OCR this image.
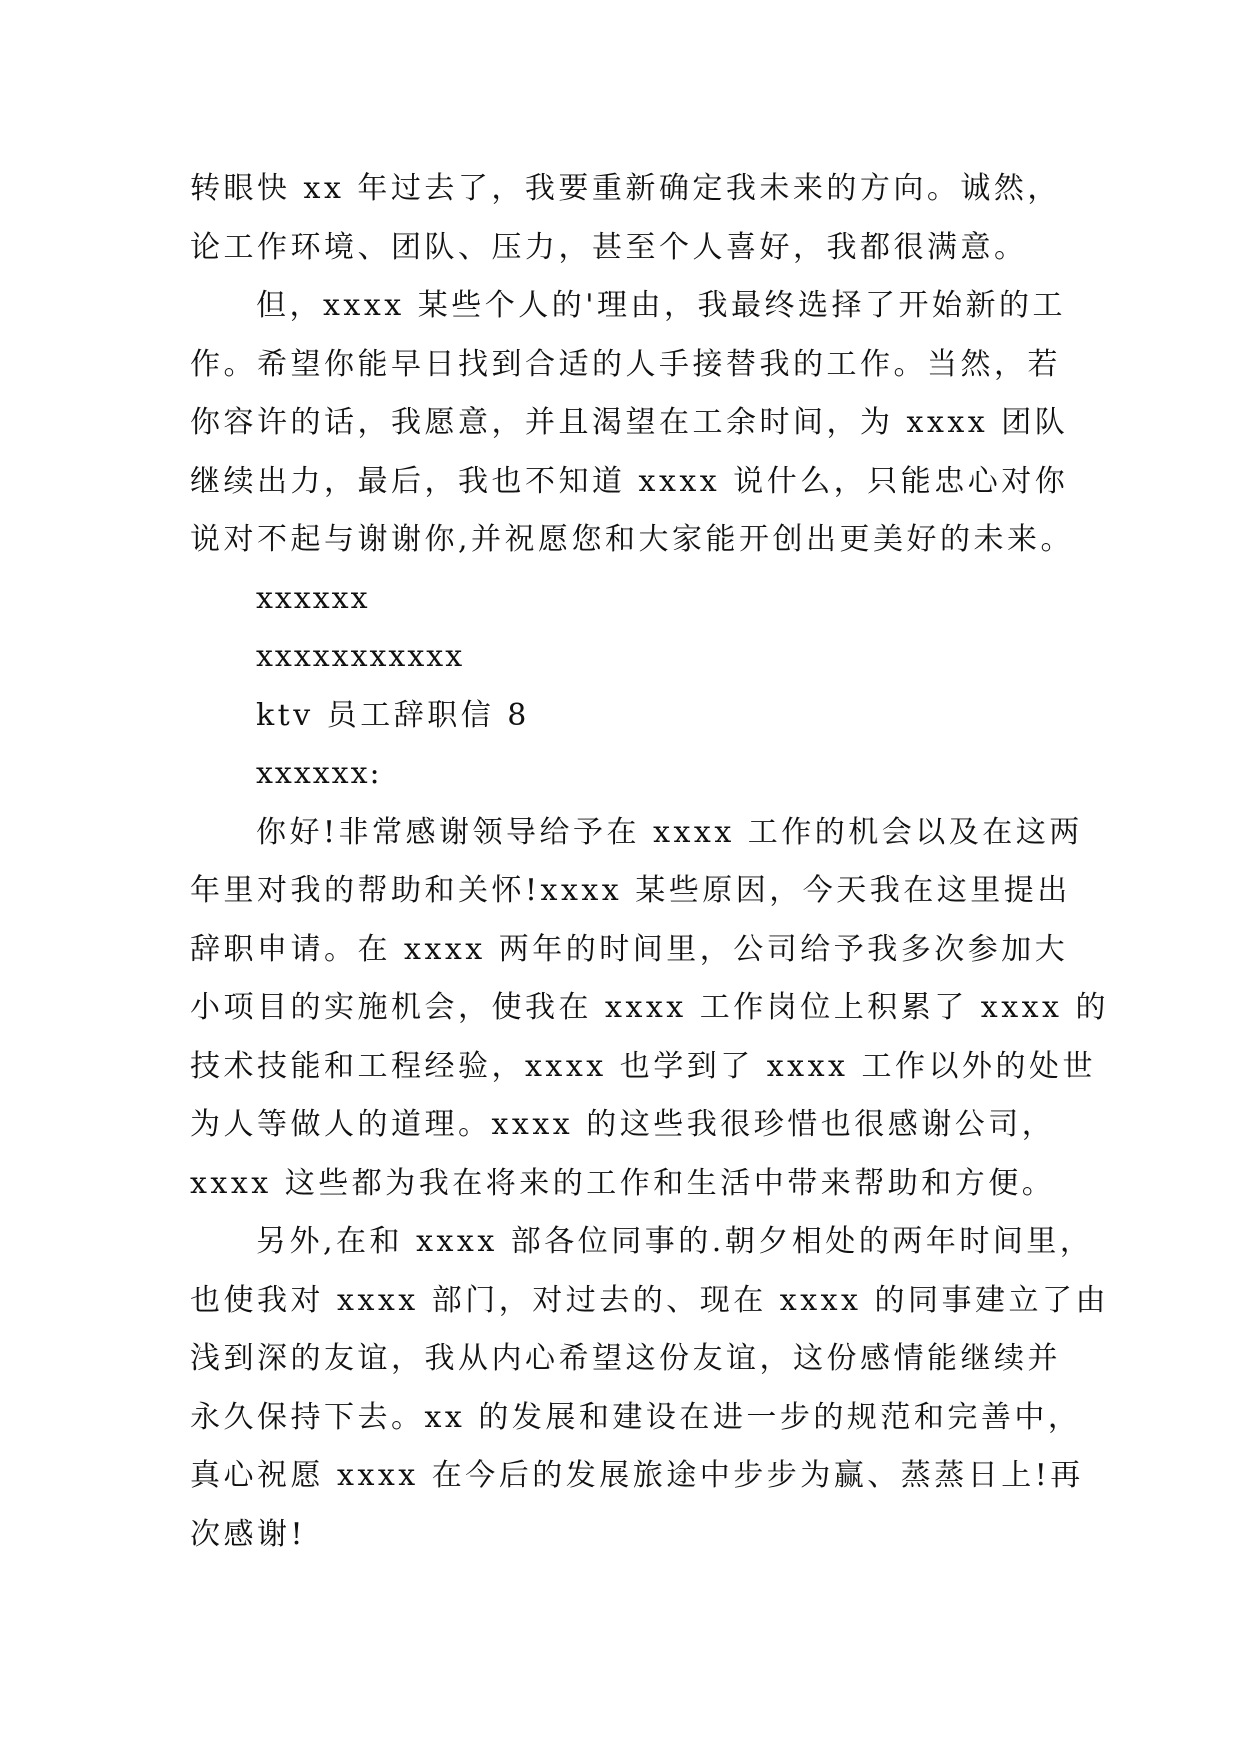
转眼快 xx 年过去了，我要重新确定我未来的方向。诚然，
论工作环境、团队、压力，甚至个人喜好，我都很满意。
但，xxxx 某些个人的'理由，我最终选择了开始新的工
作。希望你能早日找到合适的人手接替我的工作。当然，若
你容许的话，我愿意，并且渴望在工余时间，为 xxxx 团队
继续出力，最后，我也不知道 xxxx 说什么，只能忠心对你
说对不起与谢谢你,并祝愿您和大家能开创出更美好的未来。
xxxxxx
xxxxxxxxxxx
ktv 员工辞职信 8
xxxxxx:
你好!非常感谢领导给予在 xxxx 工作的机会以及在这两
年里对我的帮助和关怀!xxxx 某些原因，今天我在这里提出
辞职申请。在 xxxx 两年的时间里，公司给予我多次参加大
小项目的实施机会，使我在 xxxx 工作岗位上积累了 xxxx 的
技术技能和工程经验，xxxx 也学到了 xxxx 工作以外的处世
为人等做人的道理。xxxx 的这些我很珍惜也很感谢公司，
xxxx 这些都为我在将来的工作和生活中带来帮助和方便。
另外,在和 xxxx 部各位同事的.朝夕相处的两年时间里，
也使我对 xxxx 部门，对过去的、现在 xxxx 的同事建立了由
浅到深的友谊，我从内心希望这份友谊，这份感情能继续并
永久保持下去。xx 的发展和建设在进一步的规范和完善中，
真心祝愿 xxxx 在今后的发展旅途中步步为赢、蒸蒸日上!再
次感谢!
